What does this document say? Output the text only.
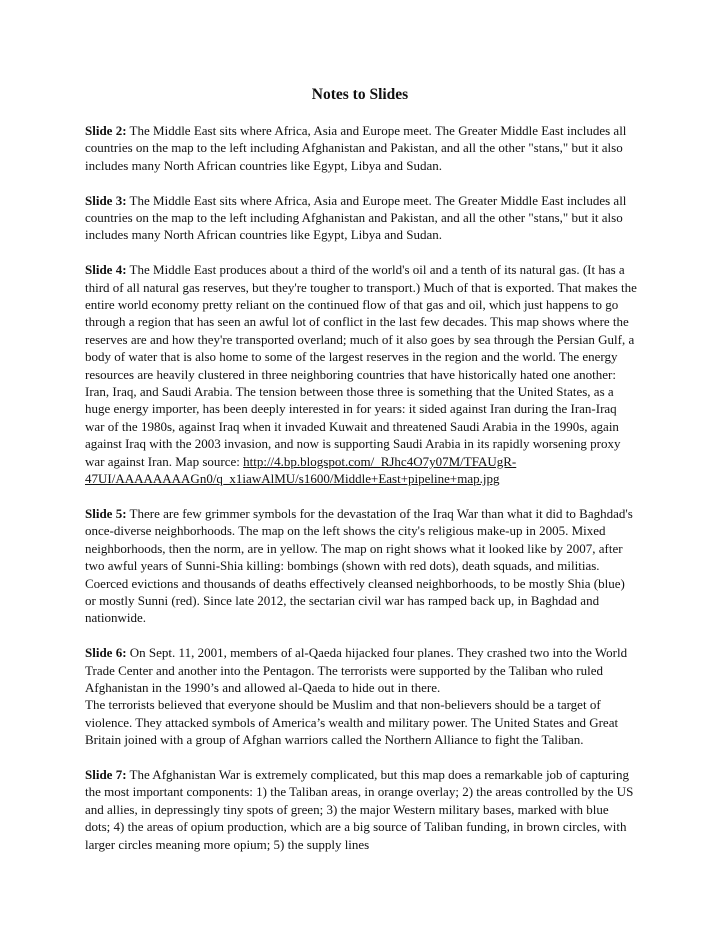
Notes to Slides

Slide 2: The Middle East sits where Africa, Asia and Europe meet. The Greater Middle East includes all countries on the map to the left including Afghanistan and Pakistan, and all the other "stans," but it also includes many North African countries like Egypt, Libya and Sudan.

Slide 3: The Middle East sits where Africa, Asia and Europe meet. The Greater Middle East includes all countries on the map to the left including Afghanistan and Pakistan, and all the other "stans," but it also includes many North African countries like Egypt, Libya and Sudan.

Slide 4: The Middle East produces about a third of the world's oil and a tenth of its natural gas. (It has a third of all natural gas reserves, but they're tougher to transport.) Much of that is exported. That makes the entire world economy pretty reliant on the continued flow of that gas and oil, which just happens to go through a region that has seen an awful lot of conflict in the last few decades. This map shows where the reserves are and how they're transported overland; much of it also goes by sea through the Persian Gulf, a body of water that is also home to some of the largest reserves in the region and the world. The energy resources are heavily clustered in three neighboring countries that have historically hated one another: Iran, Iraq, and Saudi Arabia. The tension between those three is something that the United States, as a huge energy importer, has been deeply interested in for years: it sided against Iran during the Iran-Iraq war of the 1980s, against Iraq when it invaded Kuwait and threatened Saudi Arabia in the 1990s, again against Iraq with the 2003 invasion, and now is supporting Saudi Arabia in its rapidly worsening proxy war against Iran. Map source: http://4.bp.blogspot.com/_RJhc4O7y07M/TFAUgR-47UI/AAAAAAAAGn0/q_x1iawAlMU/s1600/Middle+East+pipeline+map.jpg

Slide 5: There are few grimmer symbols for the devastation of the Iraq War than what it did to Baghdad's once-diverse neighborhoods. The map on the left shows the city's religious make-up in 2005. Mixed neighborhoods, then the norm, are in yellow. The map on right shows what it looked like by 2007, after two awful years of Sunni-Shia killing: bombings (shown with red dots), death squads, and militias. Coerced evictions and thousands of deaths effectively cleansed neighborhoods, to be mostly Shia (blue) or mostly Sunni (red). Since late 2012, the sectarian civil war has ramped back up, in Baghdad and nationwide.

Slide 6: On Sept. 11, 2001, members of al-Qaeda hijacked four planes. They crashed two into the World Trade Center and another into the Pentagon. The terrorists were supported by the Taliban who ruled Afghanistan in the 1990’s and allowed al-Qaeda to hide out in there.

The terrorists believed that everyone should be Muslim and that non-believers should be a target of violence. They attacked symbols of America’s wealth and military power. The United States and Great Britain joined with a group of Afghan warriors called the Northern Alliance to fight the Taliban.

Slide 7: The Afghanistan War is extremely complicated, but this map does a remarkable job of capturing the most important components: 1) the Taliban areas, in orange overlay; 2) the areas controlled by the US and allies, in depressingly tiny spots of green; 3) the major Western military bases, marked with blue dots; 4) the areas of opium production, which are a big source of Taliban funding, in brown circles, with larger circles meaning more opium; 5) the supply lines
